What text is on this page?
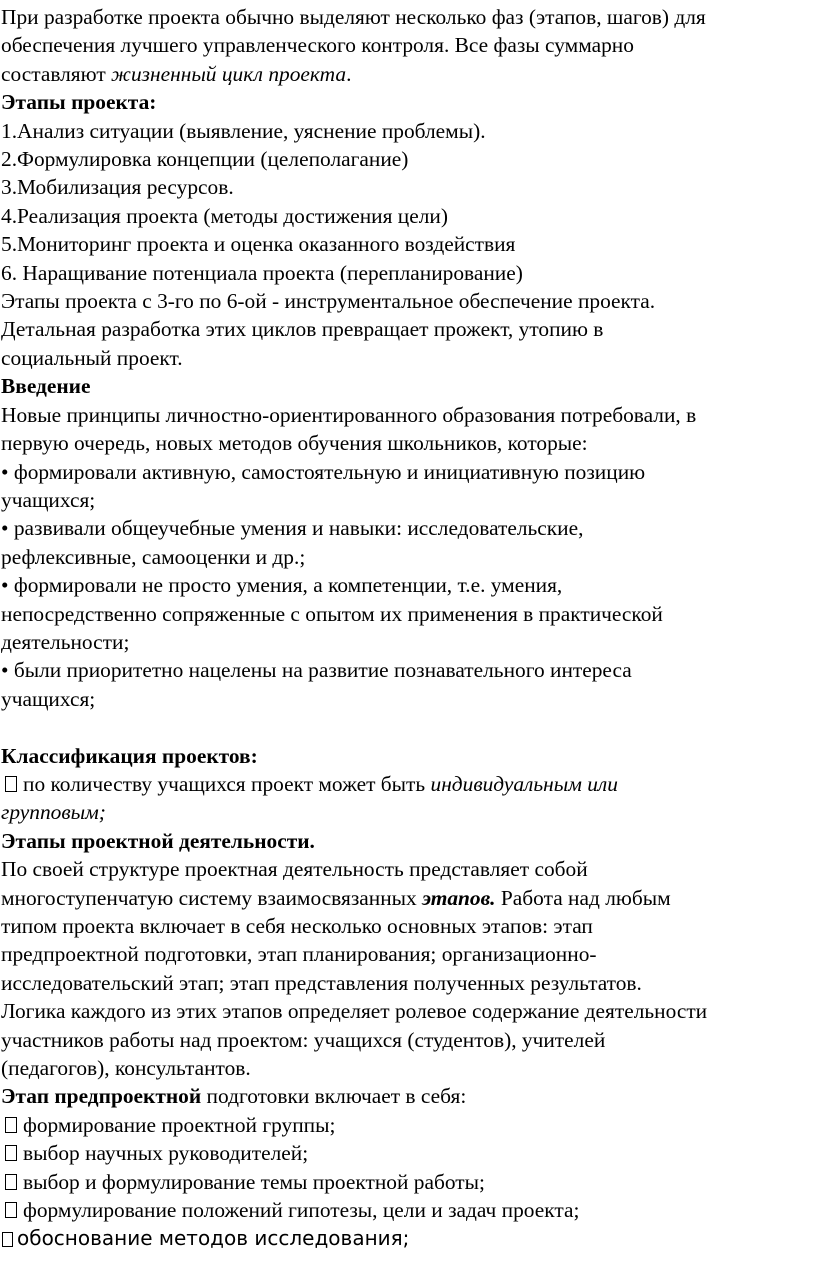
При разработке проекта обычно выделяют несколько фаз (этапов, шагов) для

обеспечения лучшего управленческого контроля. Все фазы суммарно

составляют жизненный цикл проекта.

Этапы проекта:

1.Анализ ситуации (выявление, уяснение проблемы).

2.Формулировка концепции (целеполагание)

3.Мобилизация ресурсов.

4.Реализация проекта (методы достижения цели)

5.Мониторинг проекта и оценка оказанного воздействия

6. Наращивание потенциала проекта (перепланирование)

Этапы проекта с 3-го по 6-ой - инструментальное обеспечение проекта.

Детальная разработка этих циклов превращает прожект, утопию в

социальный проект.

Введение

Новые принципы личностно-ориентированного образования потребовали, в

первую очередь, новых методов обучения школьников, которые:

• формировали активную, самостоятельную и инициативную позицию

учащихся;

• развивали общеучебные умения и навыки: исследовательские,

рефлексивные, самооценки и др.;

• формировали не просто умения, а компетенции, т.е. умения,

непосредственно сопряженные с опытом их применения в практической

деятельности;

• были приоритетно нацелены на развитие познавательного интереса

учащихся;

Классификация проектов:

по количеству учащихся проект может быть индивидуальным или

групповым;

Этапы проектной деятельности.

По своей структуре проектная деятельность представляет собой

многоступенчатую систему взаимосвязанных этапов. Работа над любым

типом проекта включает в себя несколько основных этапов: этап

предпроектной подготовки, этап планирования; организационно-

исследовательский этап; этап представления полученных результатов.

Логика каждого из этих этапов определяет ролевое содержание деятельности

участников работы над проектом: учащихся (студентов), учителей

(педагогов), консультантов.

Этап предпроектной подготовки включает в себя:

формирование проектной группы;

выбор научных руководителей;

выбор и формулирование темы проектной работы;

формулирование положений гипотезы, цели и задач проекта;

обоснование методов исследования;
